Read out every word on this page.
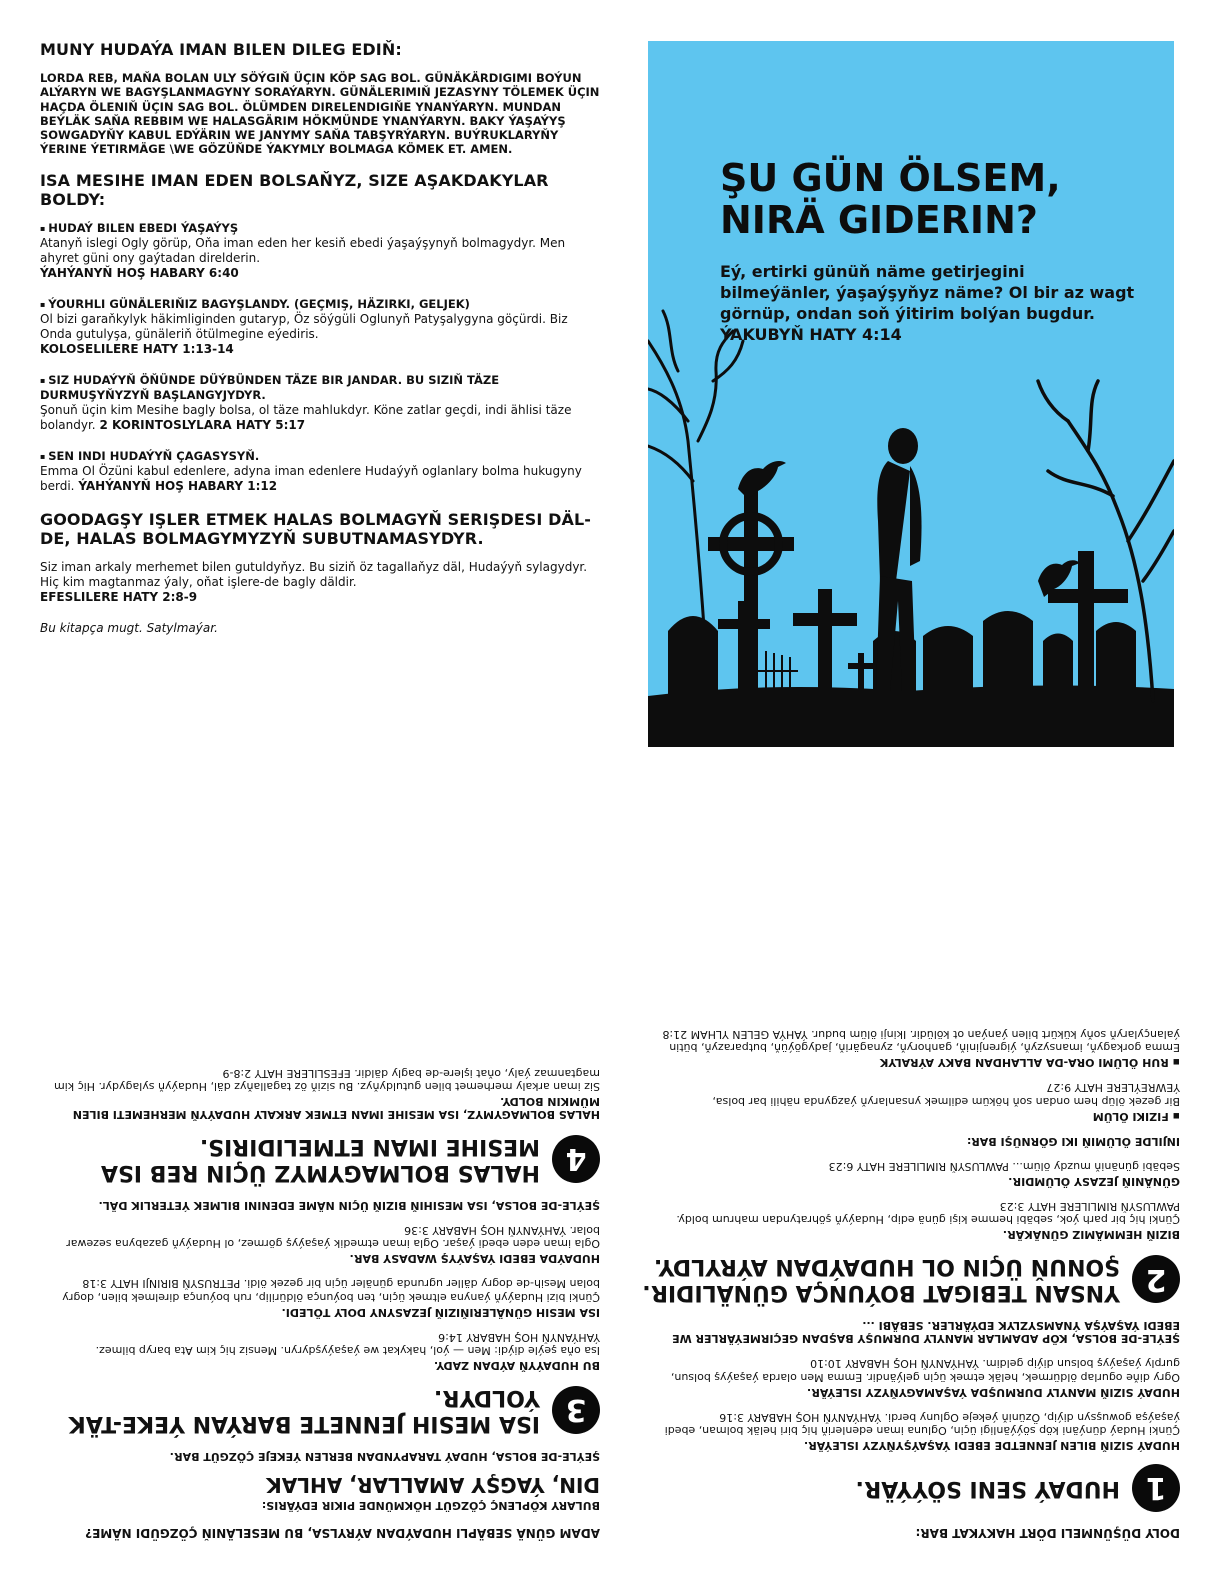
MUNY HUDAÝA IMAN BILEN DILEG EDIŇ:

LORDA REB, MAŇA BOLAN ULY SÖÝGIŇ ÜÇIN KÖP SAG BOL. GÜNÄKÄRDIGIMI BOÝUN ALÝARYN WE BAGYŞLANMAGYNY SORAÝARYN. GÜNÄLERIMIŇ JEZASYNY TÖLEMEK ÜÇIN HAÇDA ÖLENIŇ ÜÇIN SAG BOL. ÖLÜMDEN DIRELENDIGIŇE YNANÝARYN. MUNDAN BEÝLÄK SAŇA REBBIM WE HALASGÄRIM HÖKMÜNDE YNANÝARYN. BAKY ÝAŞAÝYŞ SOWGADYŇY KABUL EDÝÄRIN WE JANYMY SAŇA TABŞYRÝARYN. BUÝRUKLARYŇY ÝERINE ÝETIRMÄGE \WE GÖZÜŇDE ÝAKYMLY BOLMAGA KÖMEK ET. AMEN.

ISA MESIHE IMAN EDEN BOLSAŇYZ, SIZE AŞAKDAKYLAR BOLDY:

▪ HUDAÝ BILEN EBEDI ÝAŞAÝYŞ

Atanyň islegi Ogly görüp, Oňa iman eden her kesiň ebedi ýaşaýşynyň bolmagydyr. Men ahyret güni ony gaýtadan direlderin.
ÝAHÝANYŇ HOŞ HABARY 6:40

▪ ÝOURHLI GÜNÄLERIŇIZ BAGYŞLANDY. (GEÇMIŞ, HÄZIRKI, GELJEK)

Ol bizi garaňkylyk häkimliginden gutaryp, Öz söýgüli Oglunyň Patyşalygyna göçürdi. Biz Onda gutulyşa, günäleriň ötülmegine eýediris.
KOLOSELILERE HATY 1:13-14

▪ SIZ HUDAÝYŇ ÖŇÜNDE DÜÝBÜNDEN TÄZE BIR JANDAR. BU SIZIŇ TÄZE DURMUŞYŇYZYŇ BAŞLANGYJYDYR.

Şonuň üçin kim Mesihe bagly bolsa, ol täze mahlukdyr. Köne zatlar geçdi, indi ählisi täze bolandyr. 2 KORINTOSLYLARA HATY 5:17

▪ SEN INDI HUDAÝYŇ ÇAGASYSYŇ.

Emma Ol Özüni kabul edenlere, adyna iman edenlere Hudaýyň oglanlary bolma hukugyny berdi. ÝAHÝANYŇ HOŞ HABARY 1:12

GOODAGŞY IŞLER ETMEK HALAS BOLMAGYŇ SERIŞDESI DÄL-DE, HALAS BOLMAGYMYZYŇ SUBUTNAMASYDYR.

Siz iman arkaly merhemet bilen gutuldyňyz. Bu siziň öz tagallaňyz däl, Hudaýyň sylagydyr. Hiç kim magtanmaz ýaly, oňat işlere-de bagly däldir.
EFESLILERE HATY 2:8-9

Bu kitapça mugt. Satylmaýar.

ŞU GÜN ÖLSEM,
NIRÄ GIDERIN?

Eý, ertirki günüň näme getirjegini bilmeýänler, ýaşaýşyňyz näme? Ol bir az wagt görnüp, ondan soň ýitirim bolýan bugdur. ÝAKUBYŇ HATY 4:14

DOLY DÜŞÜNMELI DÖRT HAKYKAT BAR:

1

HUDAÝ SENI SÖÝÝÄR.

HUDAÝ SIZIŇ BILEN JENNETDE EBEDI ÝAŞAÝŞYŇYZY ISLEÝÄR.

Çünki Hudaý dünýäni köp söýýänligi üçin, Oglunа iman edenleriň hiç biri heläk bolman, ebedi ýaşaýşa gowuşsyn diýip, Özüniň ýekeje Ogluny berdi. ÝAHÝANYŇ HOŞ HABARY 3:16

HUDAÝ SIZIŇ MANYLY DURMUŞDA ÝAŞAMAGYŇYZY ISLEÝÄR.

Ogry diňe ogurlap öldürmek, heläk etmek üçin gelýändir. Emma Men olarda ýaşaýyş bolsun, gurply ýaşaýyş bolsun diýip geldim. ÝAHÝANYŇ HOŞ HABARY 10:10

ŞEÝLE-DE BOLSA, KÖP ADAMLAR MANYLY DURMUŞY BAŞDAN GEÇIRMEÝÄRLER WE EBEDI ÝAŞAÝŞA ÝNAMSYZLYK EDÝÄRLER. SEBÄBI ...

2

YNSAN TEBIGAT BOÝUNÇA GÜNÄLIDIR. ŞONUŇ ÜÇIN OL HUDAÝDAN AÝRYLDY.

BIZIŇ HEMMÄMIZ GÜNÄKÄR.

Çünki hiç bir parh ýok, sebäbi hemme kişi günä edip, Hudaýyň şöhratyndan mahrum boldy. PAWLUSYŇ RIMLILERE HATY 3:23

GÜNÄNIŇ JEZASY ÖLÜMDIR.

Sebäbi günäniň muzdy ölüm... PAWLUSYŇ RIMLILERE HATY 6:23

INJILDE ÖLÜMIŇ IKI GÖRNÜŞI BAR:

▪ FIZIKI ÖLÜM

Bir gezek ölüp hem ondan soň höküm edilmek ynsanlaryň ýazgynda nähili bar bolsa, ÝEWREÝLERE HATY 9:27

▪ RUH ÖLÜMI ORA-DA ALLAHDAN BAKY AÝRALYK

Emma gorkagyň, imansyzyň, ýigrenjiniň, ganhoryň, zynagäriň, jadygöýüň, butparazyň, bütin ýalançylaryň soňy kükürt bilen ýanýan ot kölüdir. Ikinji ölüm budur. ÝAHÝA GELEN YLHAM 21:8

ADAM GÜNÄ SEBÄPLI HUDAÝDAN AÝRYLSA, BU MESELÄNIŇ ÇÖZGÜDI NÄME?

BULARY KÖPLENÇ ÇÖZGÜT HÖKMÜNDE PIKIR EDÝÄRIS:

DIN, ÝAGŞY AMALLAR, AHLAK

ŞEÝLE-DE BOLSA, HUDAÝ TARAPYNDAN BERLEN ÝEKEJE ÇÖZGÜT BAR.

3

ISA MESIH JENNETE BARÝAN ÝEKE-TÄK ÝOLDYR.

BU HUDAÝYŇ AÝDAN ZADY.

Isa oňa şeýle diýdi: Men — ýol, hakykat we ýaşaýyşdyryn. Mensiz hiç kim Ata baryp bilmez. ÝAHÝANYŇ HOŞ HABARY 14:6

ISA MESIH GÜNÄLERIŇIZIŇ JEZASYNY DOLY TÖLEDI.

Çünki bizi Hudaýyň ýanyna eltmek üçin, ten boýunça öldürilip, ruh boýunça direlmek bilen, dogry bolan Mesih-de dogry däller ugrunda günäler üçin bir gezek öldi. PETRUSYŇ BIRINJI HATY 3:18

HUDAÝDA EBEDI ÝAŞAÝYŞ WADASY BAR.

Ogla iman eden ebedi ýaşar. Ogla iman etmedik ýaşaýyş görmez, ol Hudaýyň gazabyna sezewar bolar. ÝAHÝANYŇ HOŞ HABARY 3:36

ŞEÝLE-DE BOLSA, ISA MESIHIŇ BIZIŇ ÜÇIN NÄME EDENINI BILMEK ÝETERLIK DÄL.

4

HALAS BOLMAGYMYZ ÜÇIN REB ISA MESIHE IMAN ETMELIDIRIS.

HALAS BOLMAGYMYZ, ISA MESIHE IMAN ETMEK ARKALY HUDAÝYŇ MERHEMETI BILEN MÜMKIN BOLDY.

Siz iman arkaly merhemet bilen gutuldyňyz. Bu siziň öz tagallaňyz däl, Hudaýyň sylagydyr. Hiç kim magtanmaz ýaly, oňat işlere-de bagly däldir. EFESLILERE HATY 2:8-9
